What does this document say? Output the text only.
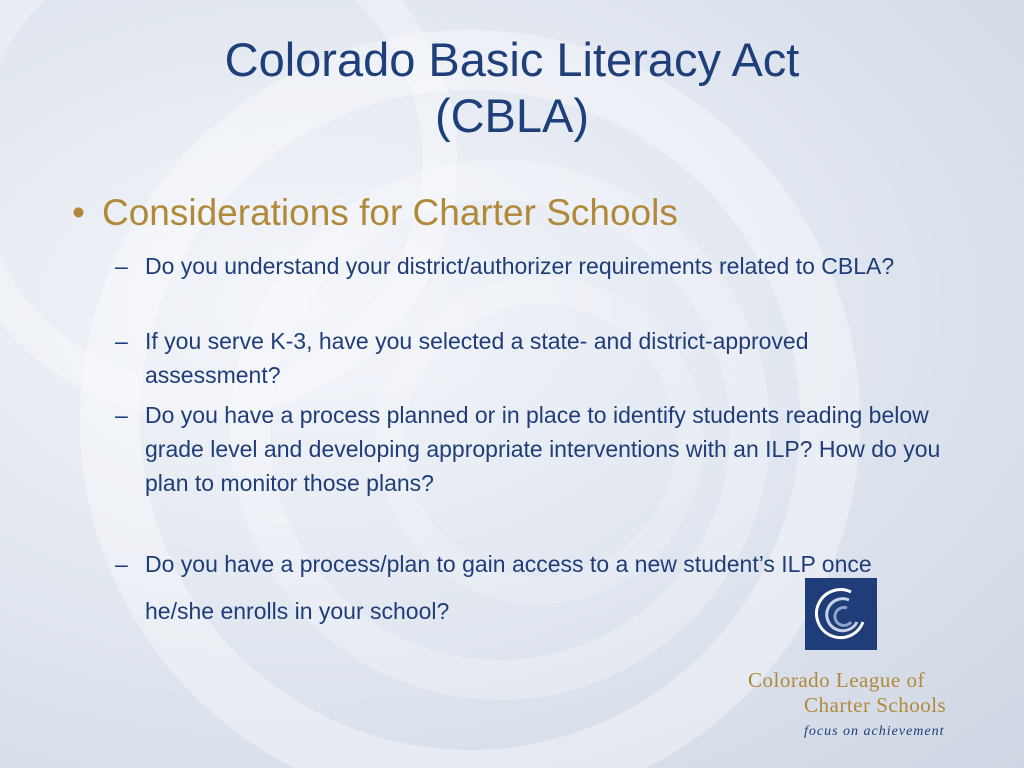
Colorado Basic Literacy Act
(CBLA)
• Considerations for Charter Schools
– Do you understand your district/authorizer requirements related to CBLA?
– If you serve K-3, have you selected a state- and district-approved assessment?
– Do you have a process planned or in place to identify students reading below grade level and developing appropriate interventions with an ILP? How do you plan to monitor those plans?
– Do you have a process/plan to gain access to a new student’s ILP once he/she enrolls in your school?
Colorado League of
Charter Schools
focus on achievement
